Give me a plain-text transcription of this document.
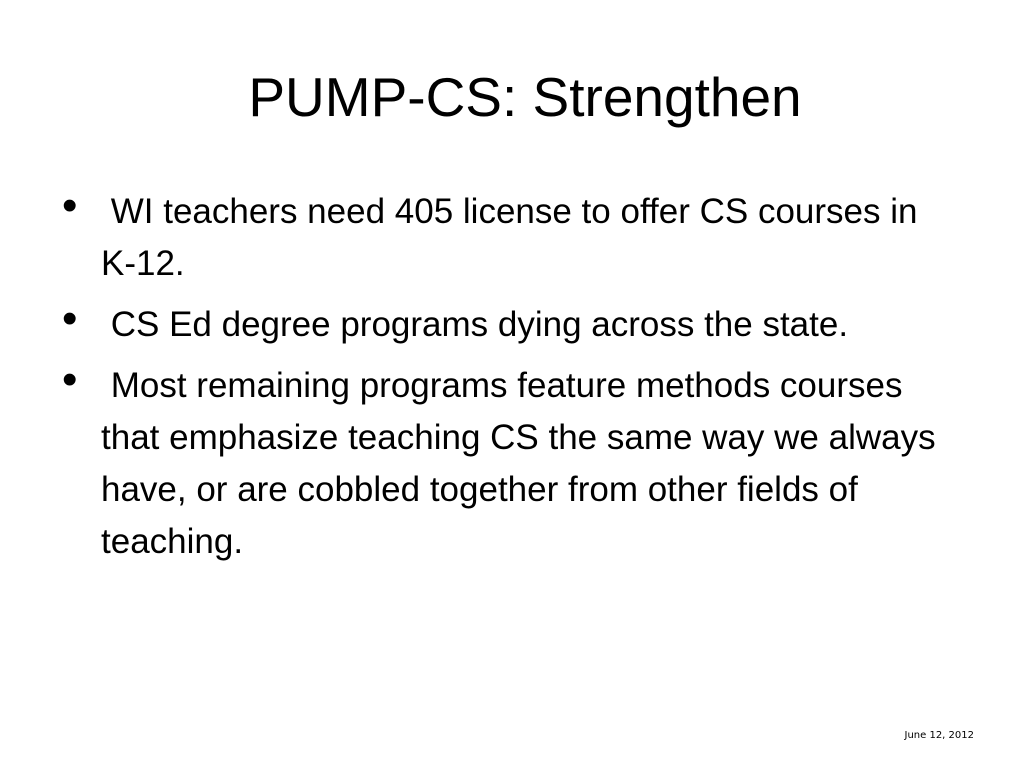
PUMP-CS: Strengthen
• WI teachers need 405 license to offer CS courses in K-12.
• CS Ed degree programs dying across the state.
• Most remaining programs feature methods courses that emphasize teaching CS the same way we always have, or are cobbled together from other fields of teaching.
June 12, 2012
